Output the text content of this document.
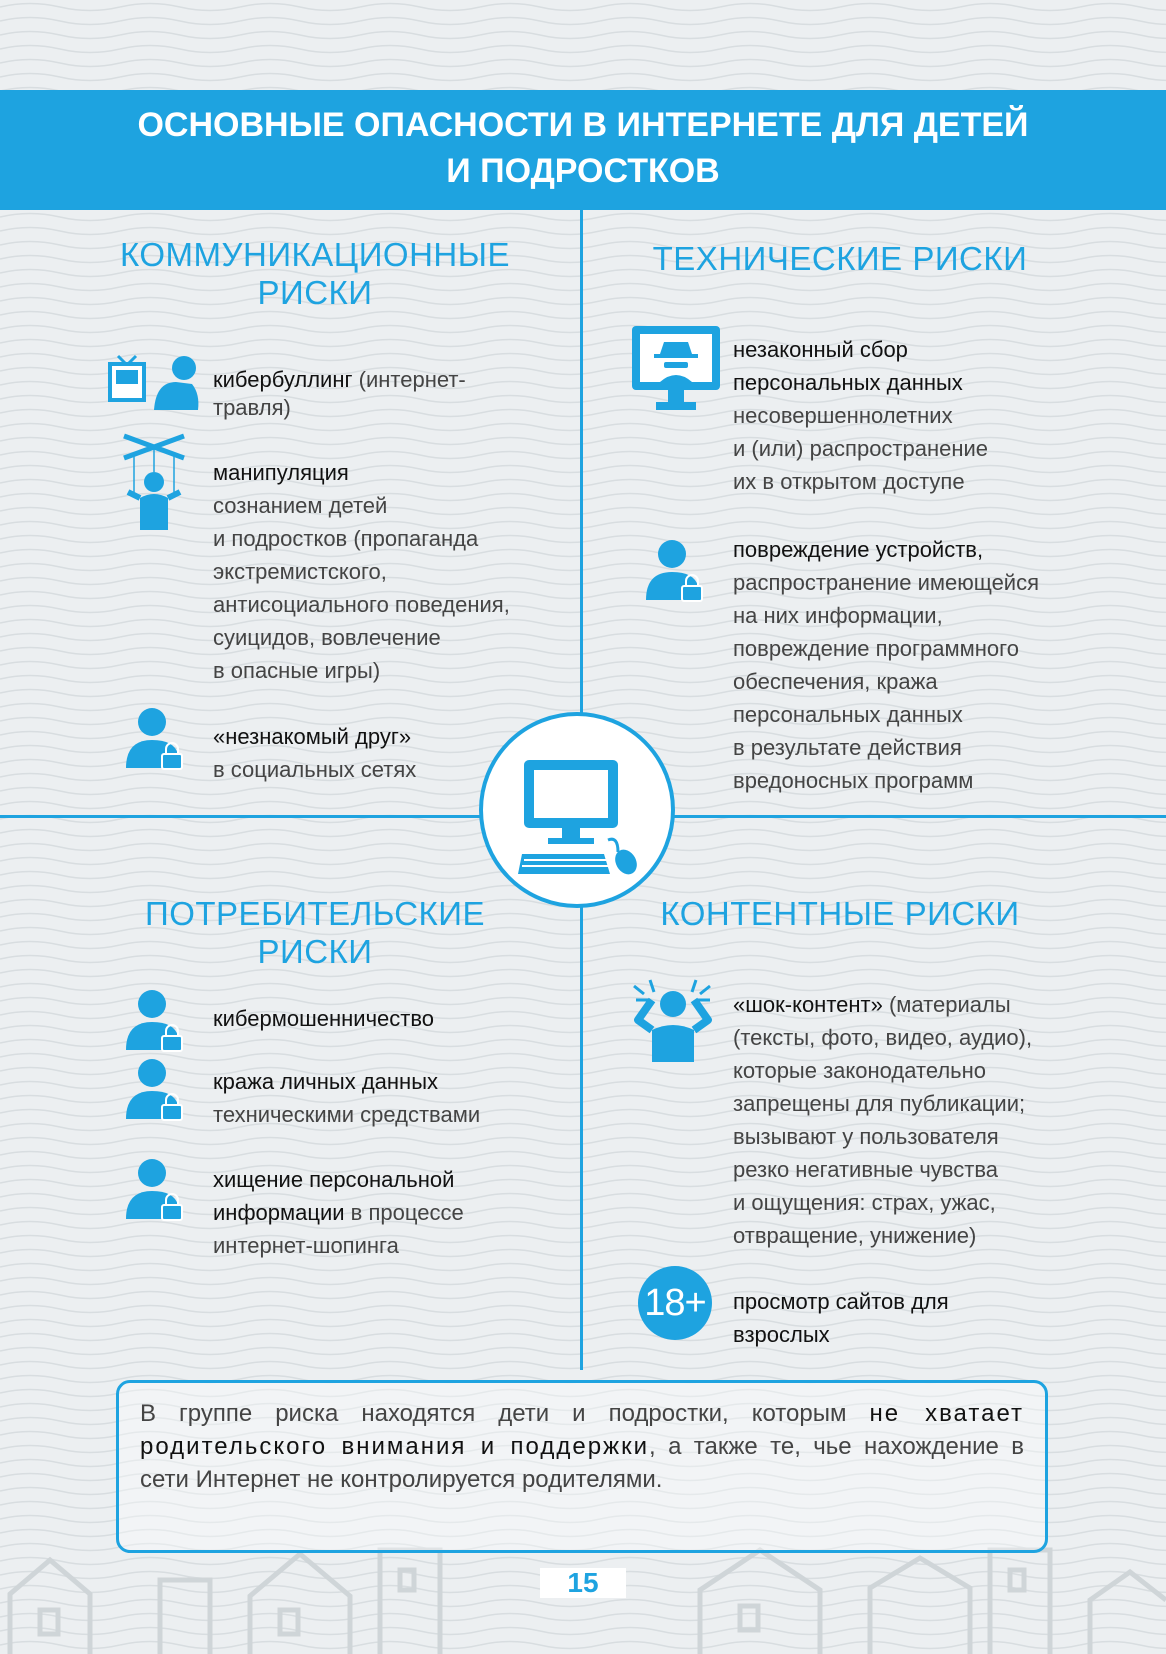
ОСНОВНЫЕ ОПАСНОСТИ В ИНТЕРНЕТЕ ДЛЯ ДЕТЕЙ
И ПОДРОСТКОВ
КОММУНИКАЦИОННЫЕ
РИСКИ
кибербуллинг (интернет-
травля)
манипуляция
сознанием детей
и подростков (пропаганда
экстремистского,
антисоциального поведения,
суицидов, вовлечение
в опасные игры)
«незнакомый друг»
в социальных сетях
ТЕХНИЧЕСКИЕ РИСКИ
незаконный сбор
персональных данных
несовершеннолетних
и (или) распространение
их в открытом доступе
повреждение устройств,
распространение имеющейся
на них информации,
повреждение программного
обеспечения, кража
персональных данных
в результате действия
вредоносных программ
ПОТРЕБИТЕЛЬСКИЕ
РИСКИ
кибермошенничество
кража личных данных
техническими средствами
хищение персональной
информации в процессе
интернет-шопинга
КОНТЕНТНЫЕ РИСКИ
«шок-контент» (материалы
(тексты, фото, видео, аудио),
которые законодательно
запрещены для публикации;
вызывают у пользователя
резко негативные чувства
и ощущения: страх, ужас,
отвращение, унижение)
18+ просмотр сайтов для
взрослых
В группе риска находятся дети и подростки, которым не хватает родительского внимания и поддержки, а также те, чье нахождение в сети Интернет не контролируется родителями.
15
